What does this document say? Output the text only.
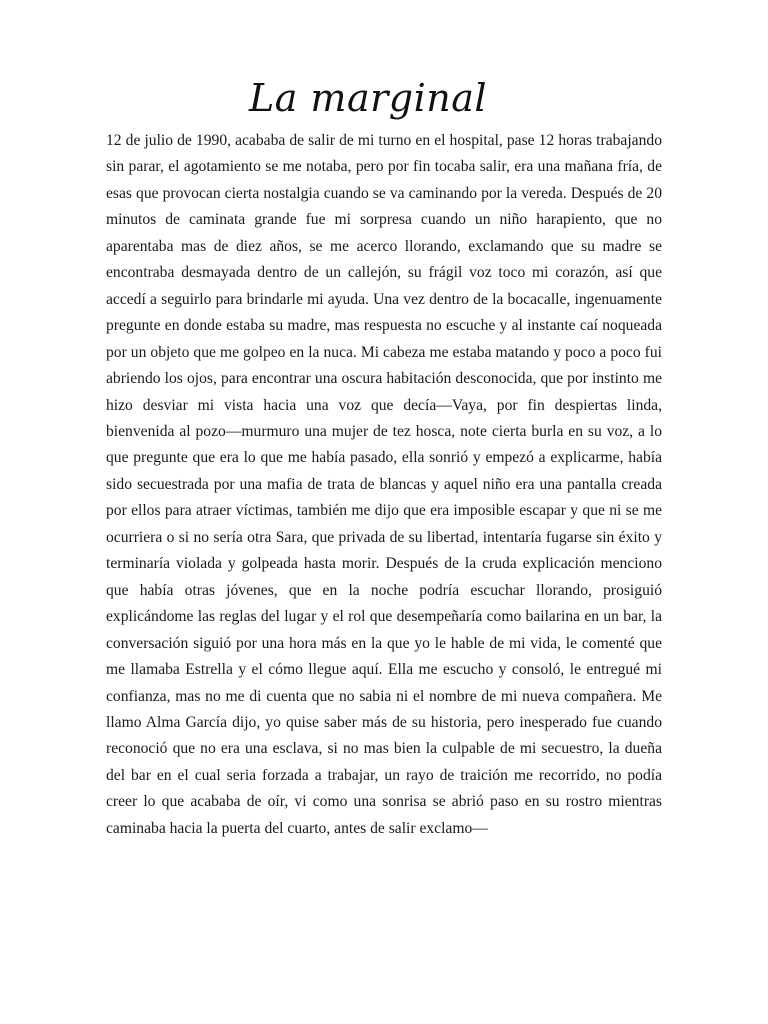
La marginal

12 de julio de 1990, acababa de salir de mi turno en el hospital, pase 12 horas trabajando sin parar, el agotamiento se me notaba, pero por fin tocaba salir, era una mañana fría, de esas que provocan cierta nostalgia cuando se va caminando por la vereda. Después de 20 minutos de caminata grande fue mi sorpresa cuando un niño harapiento, que no aparentaba mas de diez años, se me acerco llorando, exclamando que su madre se encontraba desmayada dentro de un callejón, su frágil voz toco mi corazón, así que accedí a seguirlo para brindarle mi ayuda. Una vez dentro de la bocacalle, ingenuamente pregunte en donde estaba su madre, mas respuesta no escuche y al instante caí noqueada por un objeto que me golpeo en la nuca. Mi cabeza me estaba matando y poco a poco fui abriendo los ojos, para encontrar una oscura habitación desconocida, que por instinto me hizo desviar mi vista hacia una voz que decía—Vaya, por fin despiertas linda, bienvenida al pozo—murmuro una mujer de tez hosca, note cierta burla en su voz, a lo que pregunte que era lo que me había pasado, ella sonrió y empezó a explicarme, había sido secuestrada por una mafia de trata de blancas y aquel niño era una pantalla creada por ellos para atraer víctimas, también me dijo que era imposible escapar y que ni se me ocurriera o si no sería otra Sara, que privada de su libertad, intentaría fugarse sin éxito y terminaría violada y golpeada hasta morir. Después de la cruda explicación menciono que había otras jóvenes, que en la noche podría escuchar llorando, prosiguió explicándome las reglas del lugar y el rol que desempeñaría como bailarina en un bar, la conversación siguió por una hora más en la que yo le hable de mi vida, le comenté que me llamaba Estrella y el cómo llegue aquí. Ella me escucho y consoló, le entregué mi confianza, mas no me di cuenta que no sabia ni el nombre de mi nueva compañera. Me llamo Alma García dijo, yo quise saber más de su historia, pero inesperado fue cuando reconoció que no era una esclava, si no mas bien la culpable de mi secuestro, la dueña del bar en el cual seria forzada a trabajar, un rayo de traición me recorrido, no podía creer lo que acababa de oír, vi como una sonrisa se abrió paso en su rostro mientras caminaba hacia la puerta del cuarto, antes de salir exclamo—
